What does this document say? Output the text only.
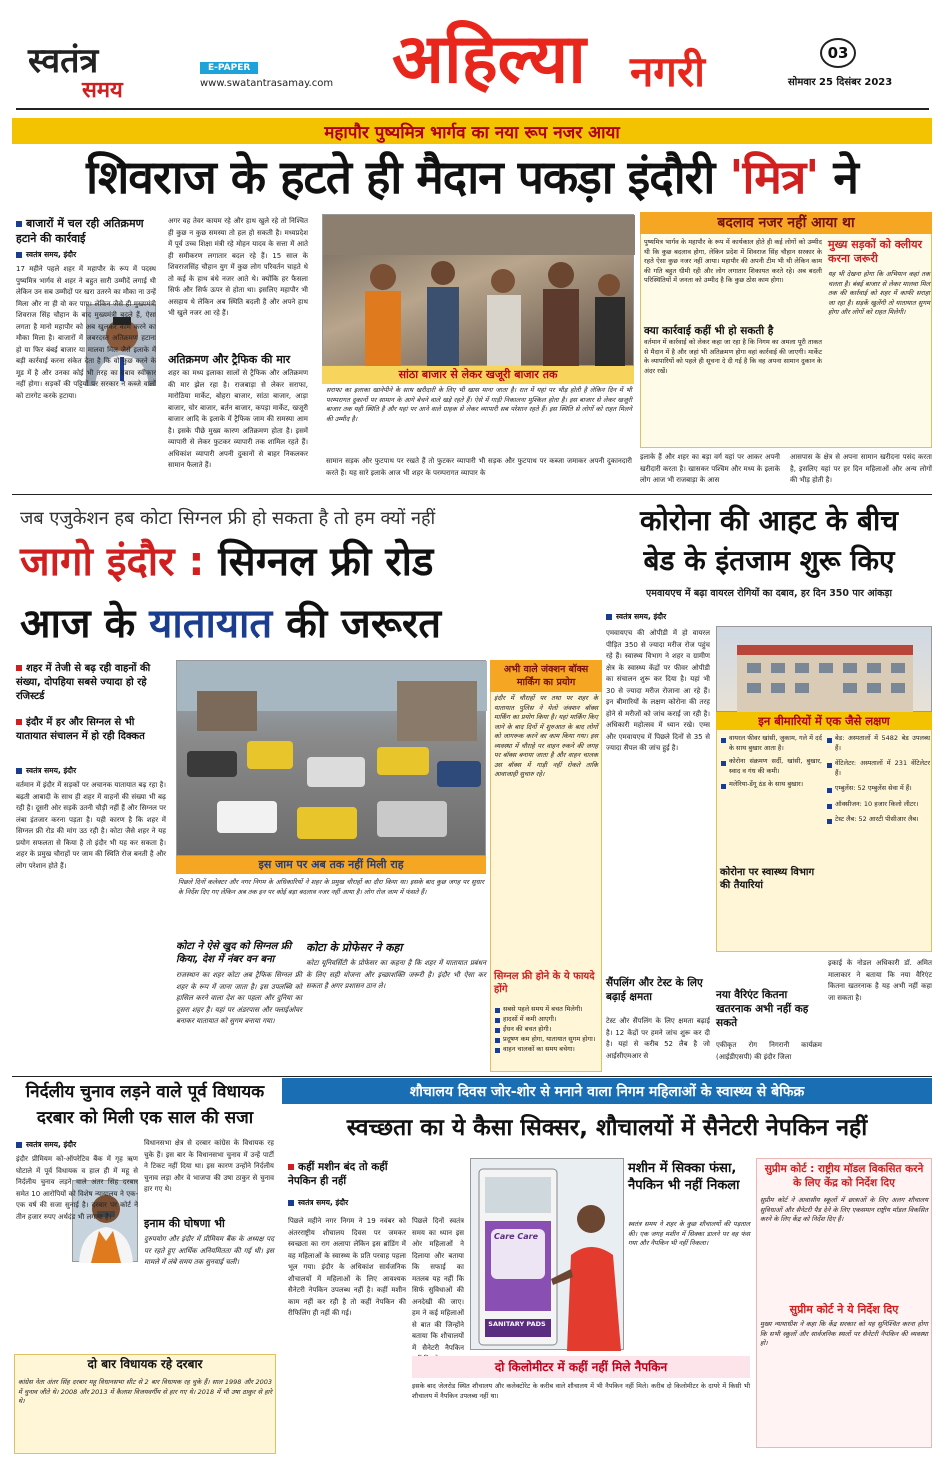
स्वतंत्र
समय
E-PAPER
www.swatantrasamay.com अहिल्या नगरी	03
सोमवार 25 दिसंबर 2023
महापौर पुष्यमित्र भार्गव का नया रूप नजर आया
शिवराज के हटते ही मैदान पकड़ा इंदौरी 'मित्र' ने
बाजारों में चल रही अतिक्रमण हटाने की कार्रवाई
स्वतंत्र समय, इंदौर
17 महीने पहले शहर में महापौर के रूप में पदस्थ पुष्यमित्र भार्गव से शहर ने बहुत सारी उम्मीदें लगाई थी लेकिन उन सब उम्मीदों पर खरा उतरने का मौका ना उन्हें मिला और ना ही वो कर पाए। लेकिन जैसे ही मुख्यमंत्री शिवराज सिंह चौहान के बाद मुख्यमंत्री बदले हैं, ऐसा लगता है मानो महापौर को अब खुलकर काम करने का मौका मिला है। बाजारों में जबरदस्त अतिक्रमण हटाना हो या फिर बंबई बाजार या मालवा मिल जैसे इलाके में बड़ी कार्रवाई करना संकेत देता है कि वो कुछ करने के मूड में है और उनका कोई भी तरह का दबाव स्वीकार नहीं होगा। सड़कों की पट्टियों पर सरकार ने कब्जे वालों को टारगेट करके हटाया।
अगर वह तेवर कायम रहे और हाथ खुले रहे तो निश्चित ही कुछ न कुछ समस्या तो हल हो सकती है। मध्यप्रदेश में पूर्व उच्च शिक्षा मंत्री रहे मोहन यादव के सत्ता में आते ही समीकरण लगातार बदल रहे हैं। 15 साल के शिवराजसिंह चौहान युग में कुछ लोग परिवर्तन चाहते थे तो कई के हाथ बंधे नजर आते थे। क्योंकि हर फैसला सिर्फ और सिर्फ ऊपर से होता था। इसलिए महापौर भी असहाय थे लेकिन अब स्थिति बदली है और अपने हाथ भी खुले नजर आ रहे हैं।
अतिक्रमण और ट्रैफिक की मार
शहर का मध्य इलाका सालों से ट्रैफिक और अतिक्रमण की मार झेल रहा है। राजबाड़ा से लेकर सराफा, मारोठिया मार्केट, बोहरा बाजार, सांठा बाजार, आड़ा बाजार, चोर बाजार, बर्तन बाजार, कपड़ा मार्केट, खजूरी बाजार आदि के इलाके में ट्रैफिक जाम की समस्या आम है। इसके पीछे मुख्य कारण अतिक्रमण होता है। इसमें व्यापारी से लेकर फुटकर व्यापारी तक शामिल रहते हैं। अधिकांश व्यापारी अपनी दुकानों से बाहर निकलकर सामान फैलाते हैं।
सांठा बाजार से लेकर खजूरी बाजार तक
सराफा का इलाका खानेपीने के साथ खरीदारी के लिए भी खास माना जाता है। रात में यहां पर भीड़ होती है लेकिन दिन में भी परम्परागत दुकानों पर सामान के आगे बेचने वाले खड़े रहते हैं। ऐसे में गाड़ी निकालना मुश्किल होता है। इस बाजार से लेकर खजूरी बाजार तक यही स्थिति है और यहां पर आने वाले ग्राहक से लेकर व्यापारी सब परेशान रहते हैं। इस स्थिति से लोगों को राहत मिलने की उम्मीद है।
सामान सड़क और फुटपाथ पर रखते हैं तो फुटकर व्यापारी भी सड़क और फुटपाथ पर कब्जा जमाकर अपनी दुकानदारी करते हैं। यह सारे इलाके आज भी शहर के परम्परागत व्यापार के
बदलाव नजर नहीं आया था
पुष्यमित्र भार्गव के महापौर के रूप में कार्यकाल होते ही कई लोगों को उम्मीद थी कि कुछ बदलाव होगा, लेकिन प्रदेश में शिवराज सिंह चौहान सरकार के रहते ऐसा कुछ नजर नहीं आया। महापौर की अपनी टीम भी थी लेकिन काम की गति बहुत धीमी रही और लोग लगातार शिकायत करते रहे। अब बदली परिस्थितियों में जनता को उम्मीद है कि कुछ ठोस काम होगा।
क्या कार्रवाई कहीं भी हो सकती है
वर्तमान में कार्रवाई को लेकर कहा जा रहा है कि निगम का अमला पूरी ताकत से मैदान में है और जहां भी अतिक्रमण होगा वहां कार्रवाई की जाएगी। मार्केट के व्यापारियों को पहले ही सूचना दे दी गई है कि वह अपना सामान दुकान के अंदर रखें।
मुख्य सड़कों को क्लीयर करना जरूरी
यह भी देखना होगा कि अभियान कहां तक चलता है। बंबई बाजार से लेकर मालवा मिल तक की कार्रवाई को शहर में काफी सराहा जा रहा है। सड़कें खुलेंगी तो यातायात सुगम होगा और लोगों को राहत मिलेगी।
इलाके हैं और शहर का बड़ा वर्ग यहां पर आकर अपनी खरीदारी करता है। खासकर पश्चिम और मध्य के इलाके लोग आज भी राजबाड़ा के आस
आसपास के क्षेत्र से अपना सामान खरीदना पसंद करता है, इसलिए यहां पर हर दिन महिलाओं और अन्य लोगों की भीड़ होती है।
जब एजुकेशन हब कोटा सिग्नल फ्री हो सकता है तो हम क्यों नहीं
जागो इंदौर : सिग्नल फ्री रोड
आज के यातायात की जरूरत
शहर में तेजी से बढ़ रही वाहनों की संख्या, दोपहिया सबसे ज्यादा हो रहे रजिस्टर्ड
इंदौर में हर और सिग्नल से भी यातायात संचालन में हो रही दिक्कत
स्वतंत्र समय, इंदौर
वर्तमान में इंदौर में सड़कों पर अचानक यातायात बढ़ रहा है। बढ़ती आबादी के साथ ही शहर में वाहनों की संख्या भी बढ़ रही है। दूसरी ओर सड़कें उतनी चौड़ी नहीं हैं और सिग्नल पर लंबा इंतजार करना पड़ता है। यही कारण है कि शहर में सिग्नल फ्री रोड की मांग उठ रही है। कोटा जैसे शहर ने यह प्रयोग सफलता से किया है तो इंदौर भी यह कर सकता है। शहर के प्रमुख चौराहों पर जाम की स्थिति रोज बनती है और लोग परेशान होते हैं।	इस जाम पर अब तक नहीं मिली राह
पिछले दिनों कलेक्टर और नगर निगम के अधिकारियों ने शहर के प्रमुख चौराहों का दौरा किया था। इसके बाद कुछ जगह पर सुधार के निर्देश दिए गए लेकिन अब तक इन पर कोई बड़ा बदलाव नजर नहीं आया है। लोग रोज जाम में फंसते हैं।
कोटा ने ऐसे खुद को सिग्नल फ्री किया, देश में नंबर वन बना
राजस्थान का शहर कोटा अब ट्रैफिक सिग्नल फ्री शहर के रूप में जाना जाता है। इस उपलब्धि को हासिल करने वाला देश का पहला और दुनिया का दूसरा शहर है। यहां पर अंडरपास और फ्लाईओवर बनाकर यातायात को सुगम बनाया गया।
कोटा के प्रोफेसर ने कहा
कोटा यूनिवर्सिटी के प्रोफेसर का कहना है कि शहर में यातायात प्रबंधन के लिए सही योजना और इच्छाशक्ति जरूरी है। इंदौर भी ऐसा कर सकता है अगर प्रशासन ठान ले।
अभी वाले जंक्शन बॉक्स मार्किंग का प्रयोग
इंदौर में चौराहों पर तथा पर शहर के यातायात पुलिस ने येलो जंक्शन बॉक्स मार्किंग का प्रयोग किया है। यहां मार्किंग किए जाने के बाद दिनों में शुरुआत के बाद लोगों को जागरूक करने का काम किया गया। इस व्यवस्था में चौराहे पर वाहन रुकने की जगह पर बॉक्स बनाया जाता है और वाहन चालक उस बॉक्स में गाड़ी नहीं रोकते ताकि आवाजाही सुचारु रहे।
सिग्नल फ्री होने के ये फायदे होंगे
सबसे पहले समय में बचत मिलेगी।
हादसों में कमी आएगी।
ईंधन की बचत होगी।
प्रदूषण कम होगा, यातायात सुगम होगा।
वाहन चालकों का समय बचेगा।
कोरोना की आहट के बीच
बेड के इंतजाम शुरू किए
एमवायएच में बढ़ा वायरल रोगियों का दबाव, हर दिन 350 पार आंकड़ा
स्वतंत्र समय, इंदौर
एमवायएच की ओपीडी में हो वायरल पीड़ित 350 से ज्यादा मरीज रोज पहुंच रहे हैं। स्वास्थ्य विभाग ने शहर व ग्रामीण क्षेत्र के स्वास्थ्य केंद्रों पर फीवर ओपीडी का संचालन शुरू कर दिया है। यहां भी 30 से ज्यादा मरीज रोजाना आ रहे हैं। इन बीमारियों के लक्षण कोरोना की तरह होने से मरीजों को जांच कराई जा रही है। अधिकारी महोत्सव में ध्यान रखे। एम्स और एमवायएच में पिछले दिनों से 35 से ज्यादा सैंपल की जांच हुई है।
इन बीमारियों में एक जैसे लक्षण
वायरल फीवर खांसी, जुकाम, गले में दर्द के साथ बुखार आता है।
कोरोना संक्रमण सर्दी, खांसी, बुखार, स्वाद व गंध की कमी।
मलेरिया-डेंगू ठंड के साथ बुखार।
कोरोना पर स्वास्थ्य विभाग की तैयारियां
बेड: अस्पतालों में 5482 बेड उपलब्ध हैं।
वेंटिलेटर: अस्पतालों में 231 वेंटिलेटर हैं।
एम्बुलेंस: 52 एम्बुलेंस सेवा में हैं।
ऑक्सीजन: 10 हजार किलो लीटर।
टेस्ट लैब: 52 आरटी पीसीआर लैब।
सैंपलिंग और टेस्ट के लिए बढ़ाई क्षमता
टेस्ट और सैंपलिंग के लिए क्षमता बढ़ाई है। 12 केंद्रों पर हमने जांच शुरू कर दी है। यहां से करीब 52 लैब है जो आईसीएमआर से
नया वैरिएंट कितना खतरनाक अभी नहीं कह सकते
एकीकृत रोग निगरानी कार्यक्रम (आईडीएसपी) की इंदौर जिला
इकाई के नोडल अधिकारी डॉ. अमित मालाकार ने बताया कि नया वैरिएंट कितना खतरनाक है यह अभी नहीं कहा जा सकता है।
निर्दलीय चुनाव लड़ने वाले पूर्व विधायक
दरबार को मिली एक साल की सजा
स्वतंत्र समय, इंदौर
इंदौर प्रीमियम को-ऑपरेटिव बैंक में गृह ऋण घोटाले में पूर्व विधायक व हाल ही में महू से निर्दलीय चुनाव लड़ने वाले अंतर सिंह दरबार समेत 10 आरोपियों को विशेष न्यायालय ने एक-एक वर्ष की सजा सुनाई है। दरबार पर कोर्ट ने तीन हजार रुपए अर्थदंड भी लगाया है।
विधानसभा क्षेत्र से दरबार कांग्रेस के विधायक रह चुके हैं। इस बार के विधानसभा चुनाव में उन्हें पार्टी ने टिकट नहीं दिया था। इस कारण उन्होंने निर्दलीय चुनाव लड़ा और वे भाजपा की उषा ठाकुर से चुनाव हार गए थे।
इनाम की घोषणा भी
दुरुपयोग और इंदौर में प्रीमियम बैंक के अध्यक्ष पद पर रहते हुए आर्थिक अनियमितता की गई थी। इस मामले में लंबे समय तक सुनवाई चली।
दो बार विधायक रहे दरबार
कांग्रेस नेता अंतर सिंह दरबार महू विधानसभा सीट से 2 बार विधायक रह चुके हैं। साल 1998 और 2003 में चुनाव जीते थे। 2008 और 2013 में कैलाश विजयवर्गीय से हार गए थे। 2018 में भी उषा ठाकुर से हारे थे।
शौचालय दिवस जोर-शोर से मनाने वाला निगम महिलाओं के स्वास्थ्य से बेफिक्र
स्वच्छता का ये कैसा सिक्सर, शौचालयों में सैनेटरी नेपकिन नहीं
कहीं मशीन बंद तो कहीं नेपकिन ही नहीं
स्वतंत्र समय, इंदौर
पिछले महीने नगर निगम ने 19 नवंबर को अंतरराष्ट्रीय शौचालय दिवस पर जमकर स्वच्छता का राग अलापा लेकिन इस ब्रांडिंग में वह महिलाओं के स्वास्थ्य के प्रति परवाह पहला भूल गया। इंदौर के अधिकांश सार्वजनिक शौचालयों में महिलाओं के लिए आवश्यक सैनेटरी नेपकिन उपलब्ध नहीं है। कहीं मशीन काम नहीं कर रही है तो कहीं नेपकिन की रीफिलिंग ही नहीं की गई।
पिछले दिनों स्वतंत्र समय का ध्यान इस ओर महिलाओं ने दिलाया और बताया कि सफाई का मतलब यह नहीं कि सिर्फ सुविधाओं की अनदेखी की जाए। हम ने कई महिलाओं से बात की जिन्होंने बताया कि शौचालयों में सैनेटरी नैपकिन
Care Care
SANITARY PADS
मशीन में सिक्का फंसा, नैपकिन भी नहीं निकला
स्वतंत्र समय ने शहर के कुछ शौचालयों की पड़ताल की। एक जगह मशीन में सिक्का डालने पर वह फंस गया और नैपकिन भी नहीं निकला।
दो किलोमीटर में कहीं नहीं मिले नैपकिन
इसके बाद जेलरोड स्थित शौचालय और कलेक्टोरेट के करीब वाले शौचालय में भी नैपकिन नहीं मिले। करीब दो किलोमीटर के दायरे में किसी भी शौचालय में नैपकिन उपलब्ध नहीं था।
सुप्रीम कोर्ट : राष्ट्रीय मॉडल विकसित करने के लिए केंद्र को निर्देश दिए
सुप्रीम कोर्ट ने आवासीय स्कूलों में छात्राओं के लिए अलग शौचालय सुविधाओं और सैनेटरी पैड देने के लिए एकसमान राष्ट्रीय मॉडल विकसित करने के लिए केंद्र को निर्देश दिए हैं।
सुप्रीम कोर्ट ने ये निर्देश दिए
मुख्य न्यायाधीश ने कहा कि केंद्र सरकार को यह सुनिश्चित करना होगा कि सभी स्कूलों और सार्वजनिक स्थलों पर सैनेटरी नैपकिन की व्यवस्था हो।
